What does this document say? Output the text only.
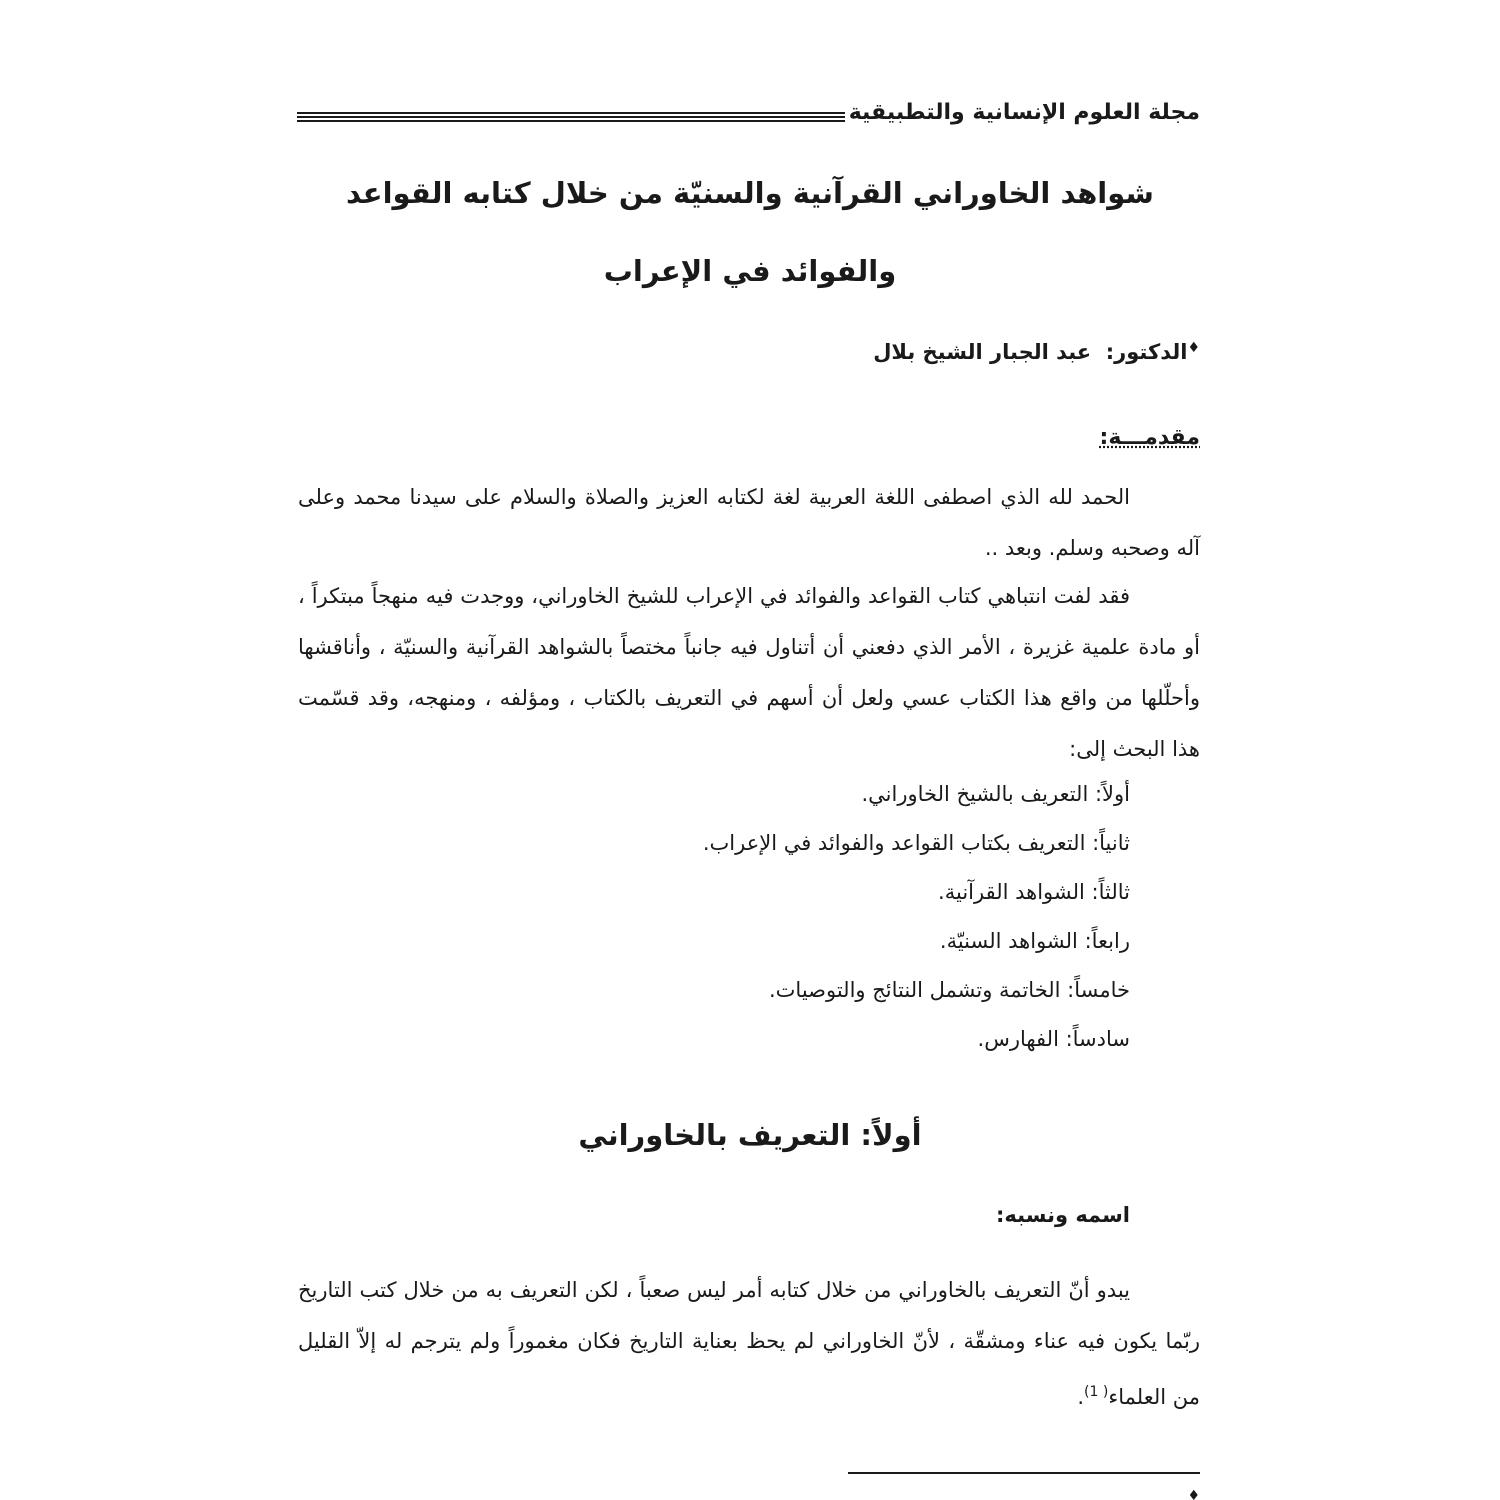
مجلة العلوم الإنسانية والتطبيقية
شواهد الخاوراني القرآنية والسنيّة من خلال كتابه القواعد
والفوائد في الإعراب
♦الدكتور:  عبد الجبار الشيخ بلال
مقدمـــة:
الحمد لله الذي اصطفى اللغة العربية لغة لكتابه العزيز والصلاة والسلام على سيدنا محمد وعلى آله وصحبه وسلم. وبعد ..
فقد لفت انتباهي كتاب القواعد والفوائد في الإعراب للشيخ الخاوراني، ووجدت فيه منهجاً مبتكراً ، أو مادة علمية غزيرة ، الأمر الذي دفعني أن أتناول فيه جانباً مختصاً بالشواهد القرآنية والسنيّة ، وأناقشها وأحلّلها من واقع هذا الكتاب عسي ولعل أن أسهم في التعريف بالكتاب ، ومؤلفه ، ومنهجه، وقد قسّمت هذا البحث إلى:
أولاً: التعريف بالشيخ الخاوراني.
ثانياً: التعريف بكتاب القواعد والفوائد في الإعراب.
ثالثاً: الشواهد القرآنية.
رابعاً: الشواهد السنيّة.
خامساً: الخاتمة وتشمل النتائج والتوصيات.
سادساً: الفهارس.
أولاً: التعريف بالخاوراني
اسمه ونسبه:
يبدو أنّ التعريف بالخاوراني من خلال كتابه أمر ليس صعباً ، لكن التعريف به من خلال كتب التاريخ ربّما يكون فيه عناء ومشقّة ، لأنّ الخاوراني لم يحظ بعناية التاريخ فكان مغموراً ولم يترجم له إلاّ القليل من العلماء$^{( 1)}$.
♦
